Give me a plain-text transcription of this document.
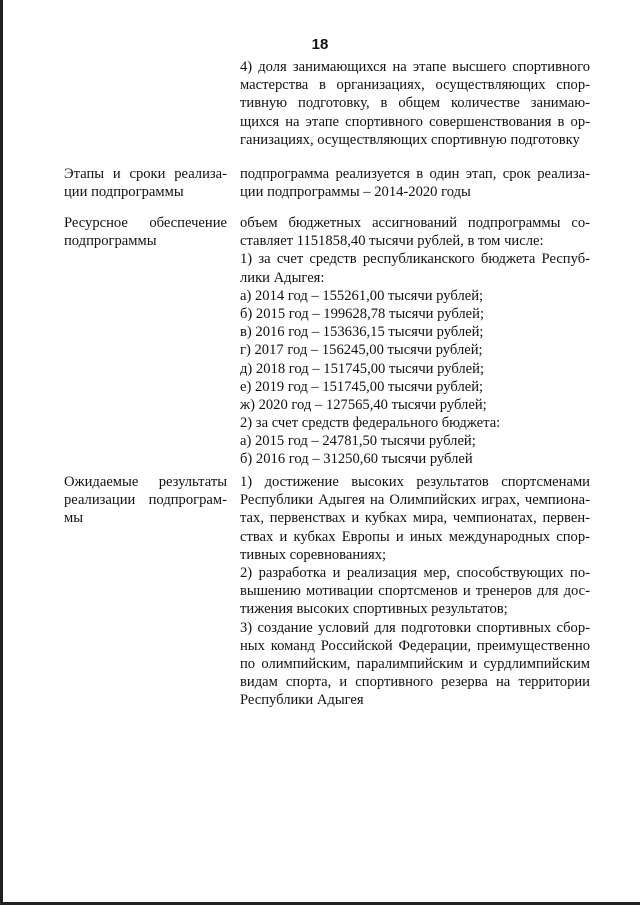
18
4) доля занимающихся на этапе высшего спортивного
мастерства в организациях, осуществляющих спор-
тивную подготовку, в общем количестве занимаю-
щихся на этапе спортивного совершенствования в ор-
ганизациях, осуществляющих спортивную подготовку
Этапы и сроки реализа-
ции подпрограммы
подпрограмма реализуется в один этап, срок реализа-
ции подпрограммы – 2014-2020 годы
Ресурсное обеспечение
подпрограммы
объем бюджетных ассигнований подпрограммы со-
ставляет 1151858,40 тысячи рублей, в том числе:
1) за счет средств республиканского бюджета Респуб-
лики Адыгея:
а) 2014 год – 155261,00 тысячи рублей;
б) 2015 год – 199628,78 тысячи рублей;
в) 2016 год – 153636,15 тысячи рублей;
г) 2017 год – 156245,00 тысячи рублей;
д) 2018 год – 151745,00 тысячи рублей;
е) 2019 год – 151745,00 тысячи рублей;
ж) 2020 год – 127565,40 тысячи рублей;
2) за счет средств федерального бюджета:
а) 2015 год – 24781,50 тысячи рублей;
б) 2016 год – 31250,60 тысячи рублей
Ожидаемые результаты
реализации подпрограм-
мы
1) достижение высоких результатов спортсменами
Республики Адыгея на Олимпийских играх, чемпиона-
тах, первенствах и кубках мира, чемпионатах, первен-
ствах и кубках Европы и иных международных спор-
тивных соревнованиях;
2) разработка и реализация мер, способствующих по-
вышению мотивации спортсменов и тренеров для дос-
тижения высоких спортивных результатов;
3) создание условий для подготовки спортивных сбор-
ных команд Российской Федерации, преимущественно
по олимпийским, паралимпийским и сурдлимпийским
видам спорта, и спортивного резерва на территории
Республики Адыгея
